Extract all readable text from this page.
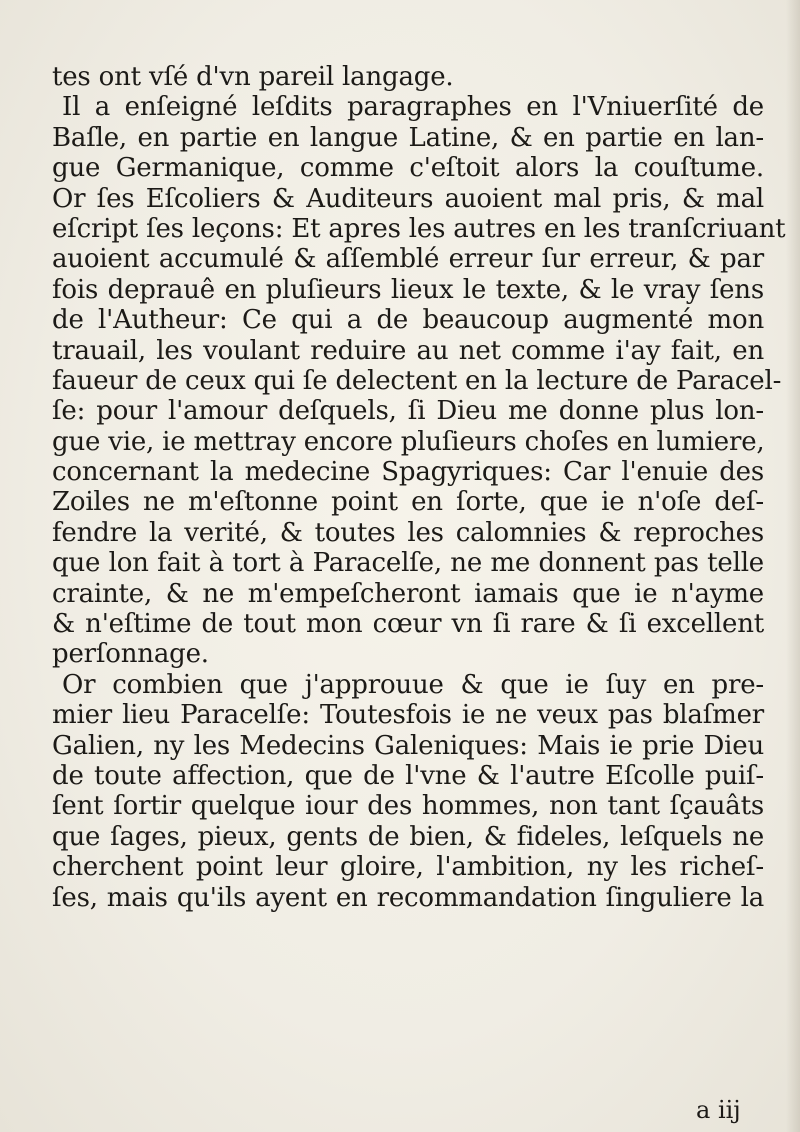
tes ont vſé d'vn pareil langage.
Il a enſeigné leſdits paragraphes en l'Vniuerſité de
Baſle, en partie en langue Latine, & en partie en lan-
gue Germanique, comme c'eſtoit alors la couſtume.
Or ſes Eſcoliers & Auditeurs auoient mal pris, & mal
eſcript ſes leçons: Et apres les autres en les tranſcriuant
auoient accumulé & aſſemblé erreur ſur erreur, & par
fois deprauê en pluſieurs lieux le texte, & le vray ſens
de l'Autheur: Ce qui a de beaucoup augmenté mon
trauail, les voulant reduire au net comme i'ay fait, en
faueur de ceux qui ſe delectent en la lecture de Paracel-
ſe: pour l'amour deſquels, ſi Dieu me donne plus lon-
gue vie, ie mettray encore pluſieurs choſes en lumiere,
concernant la medecine Spagyriques: Car l'enuie des
Zoiles ne m'eſtonne point en ſorte, que ie n'oſe deſ-
fendre la verité, & toutes les calomnies & reproches
que lon fait à tort à Paracelſe, ne me donnent pas telle
crainte, & ne m'empeſcheront iamais que ie n'ayme
& n'eſtime de tout mon cœur vn ſi rare & ſi excellent
perſonnage.
Or combien que j'approuue & que ie ſuy en pre-
mier lieu Paracelſe: Toutesfois ie ne veux pas blaſmer
Galien, ny les Medecins Galeniques: Mais ie prie Dieu
de toute affection, que de l'vne & l'autre Eſcolle puiſ-
ſent ſortir quelque iour des hommes, non tant ſçauâts
que ſages, pieux, gents de bien, & fideles, leſquels ne
cherchent point leur gloire, l'ambition, ny les richeſ-
ſes, mais qu'ils ayent en recommandation ſinguliere la
a iij
